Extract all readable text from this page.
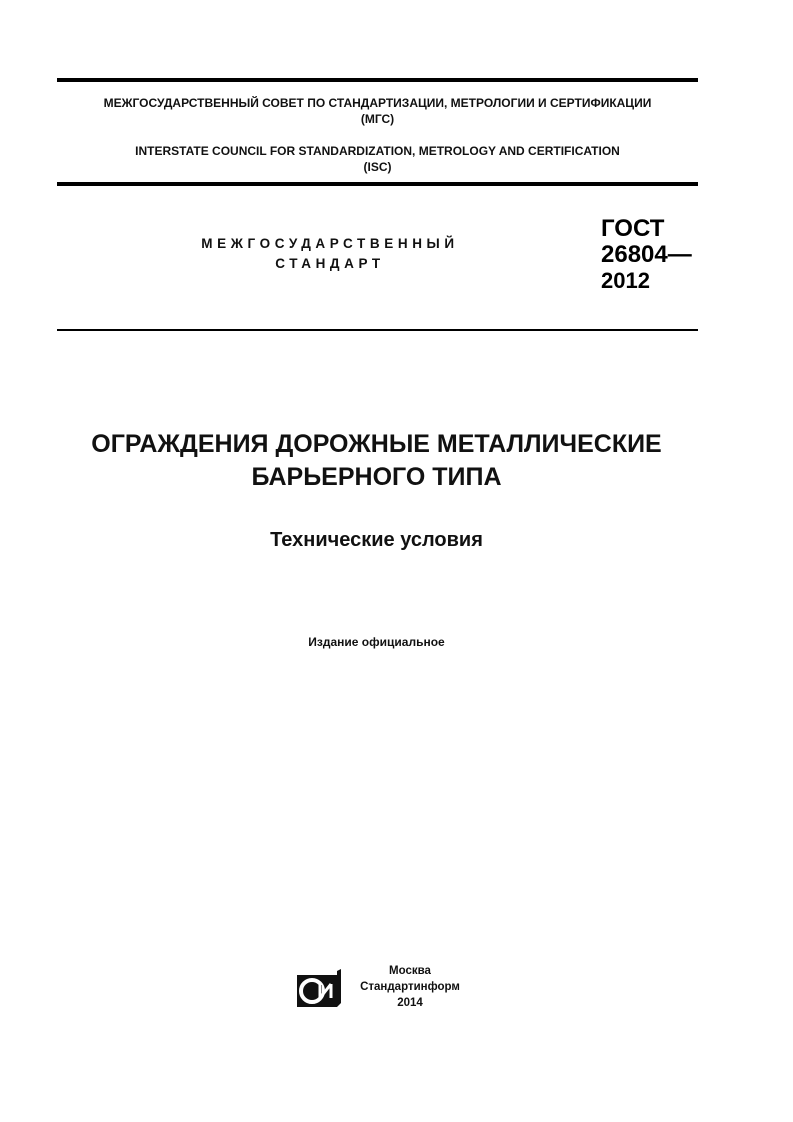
МЕЖГОСУДАРСТВЕННЫЙ СОВЕТ ПО СТАНДАРТИЗАЦИИ, МЕТРОЛОГИИ И СЕРТИФИКАЦИИ
(МГС)
INTERSTATE COUNCIL FOR STANDARDIZATION, METROLOGY AND CERTIFICATION
(ISC)
МЕЖГОСУДАРСТВЕННЫЙ
СТАНДАРТ
ГОСТ
26804—
2012
ОГРАЖДЕНИЯ ДОРОЖНЫЕ МЕТАЛЛИЧЕСКИЕ
БАРЬЕРНОГО ТИПА
Технические условия
Издание официальное
Москва
Стандартинформ
2014
